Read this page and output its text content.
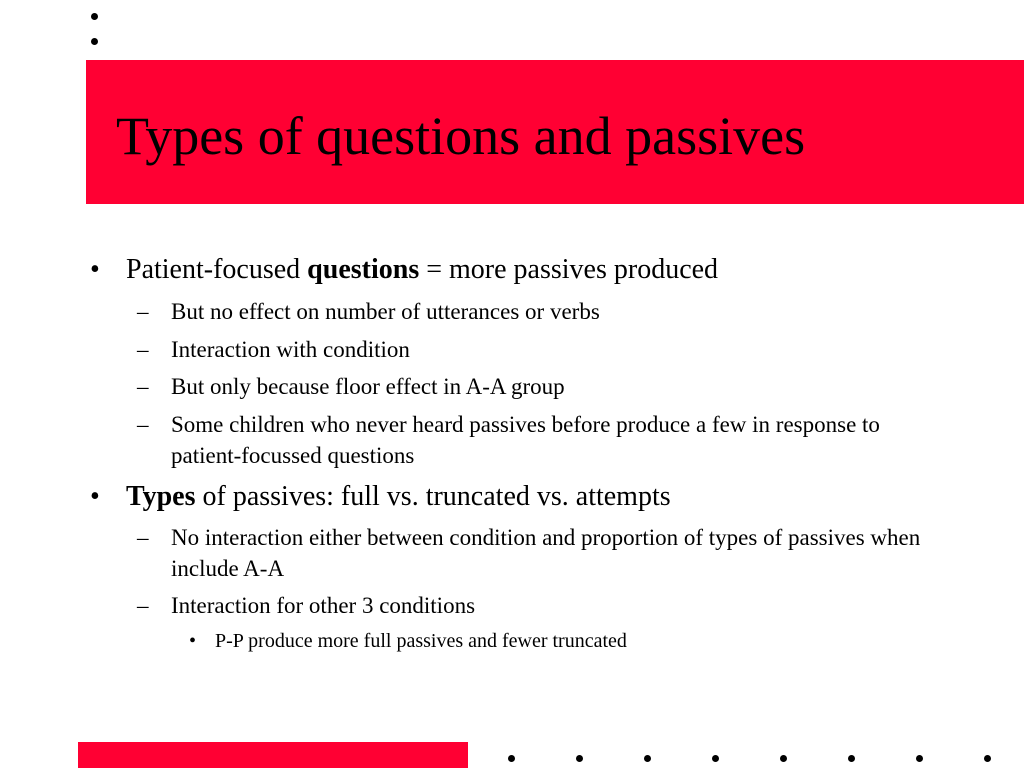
Types of questions and passives
• Patient-focused questions = more passives produced
– But no effect on number of utterances or verbs
– Interaction with condition
– But only because floor effect in A-A group
– Some children who never heard passives before produce a few in response to patient-focussed questions
• Types of passives: full vs. truncated vs. attempts
– No interaction either between condition and proportion of types of passives when include A-A
– Interaction for other 3 conditions
• P-P produce more full passives and fewer truncated
